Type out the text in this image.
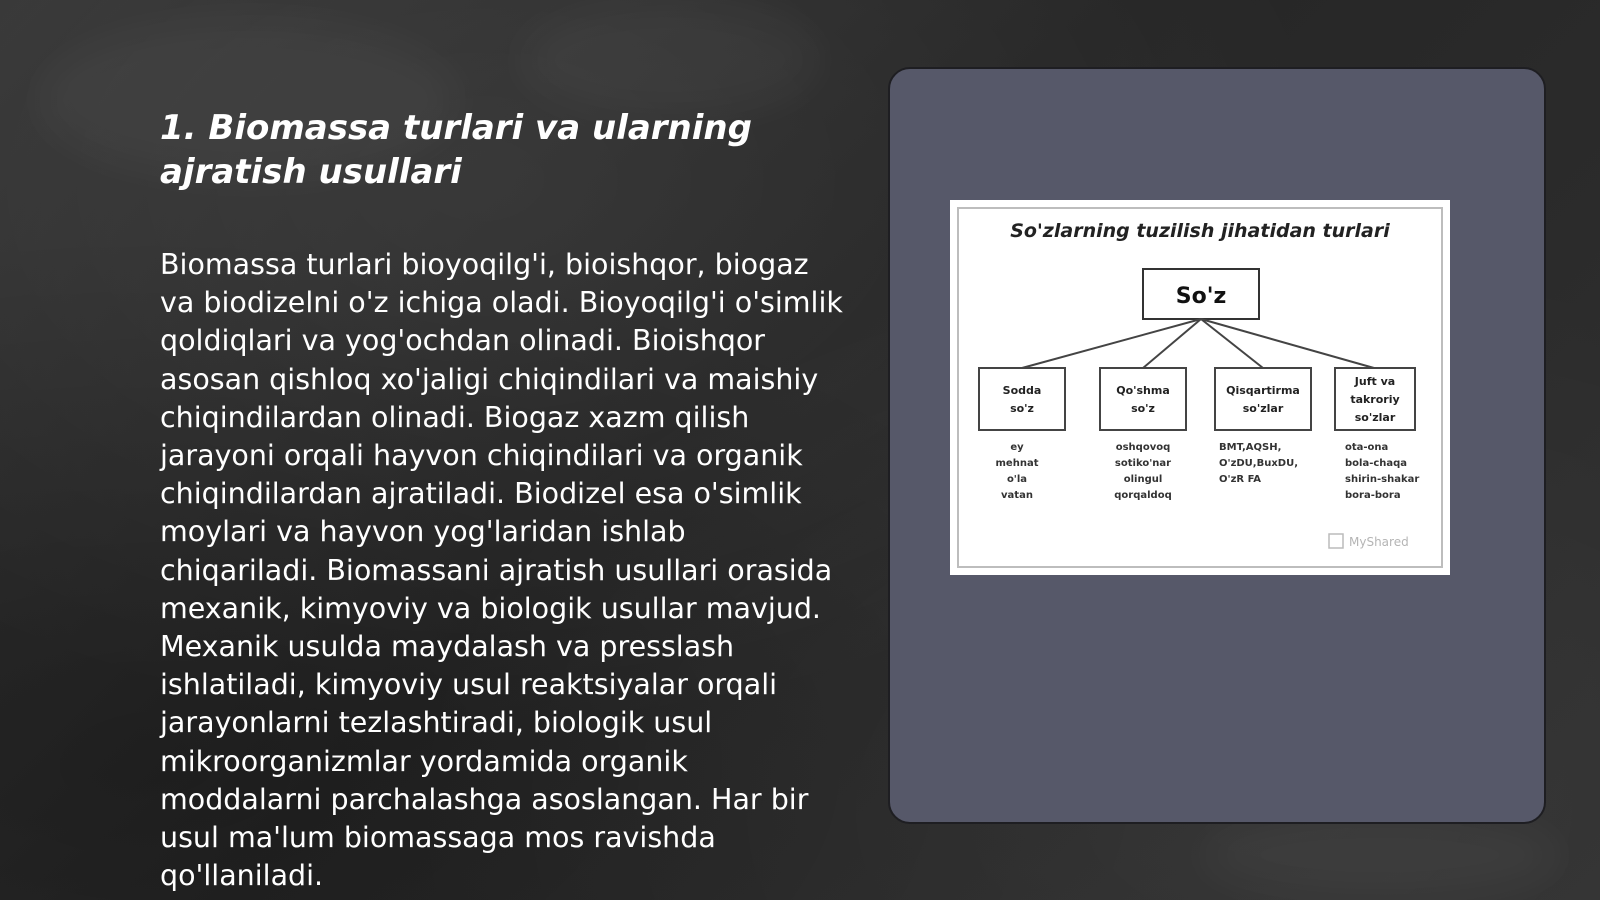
1. Biomassa turlari va ularning
ajratish usullari

Biomassa turlari bioyoqilg'i, bioishqor, biogaz va biodizelni o'z ichiga oladi. Bioyoqilg'i o'simlik qoldiqlari va yog'ochdan olinadi. Bioishqor asosan qishloq xo'jaligi chiqindilari va maishiy chiqindilardan olinadi. Biogaz xazm qilish jarayoni orqali hayvon chiqindilari va organik chiqindilardan ajratiladi. Biodizel esa o'simlik moylari va hayvon yog'laridan ishlab chiqariladi. Biomassani ajratish usullari orasida mexanik, kimyoviy va biologik usullar mavjud. Mexanik usulda maydalash va presslash ishlatiladi, kimyoviy usul reaktsiyalar orqali jarayonlarni tezlashtiradi, biologik usul mikroorganizmlar yordamida organik moddalarni parchalashga asoslangan. Har bir usul ma'lum biomassaga mos ravishda qo'llaniladi.

So'zlarning tuzilish jihatidan turlari
So'z
Sodda
so'z
ey
mehnat
o'la
vatan
Qo'shma
so'z
oshqovoq
sotiko'nar
olingul
qorqaldoq
Qisqartirma
so'zlar
BMT,AQSH,
O'zDU,BuxDU,
O'zR FA
Juft va
takroriy
so'zlar
ota-ona
bola-chaqa
shirin-shakar
bora-bora
MyShared
